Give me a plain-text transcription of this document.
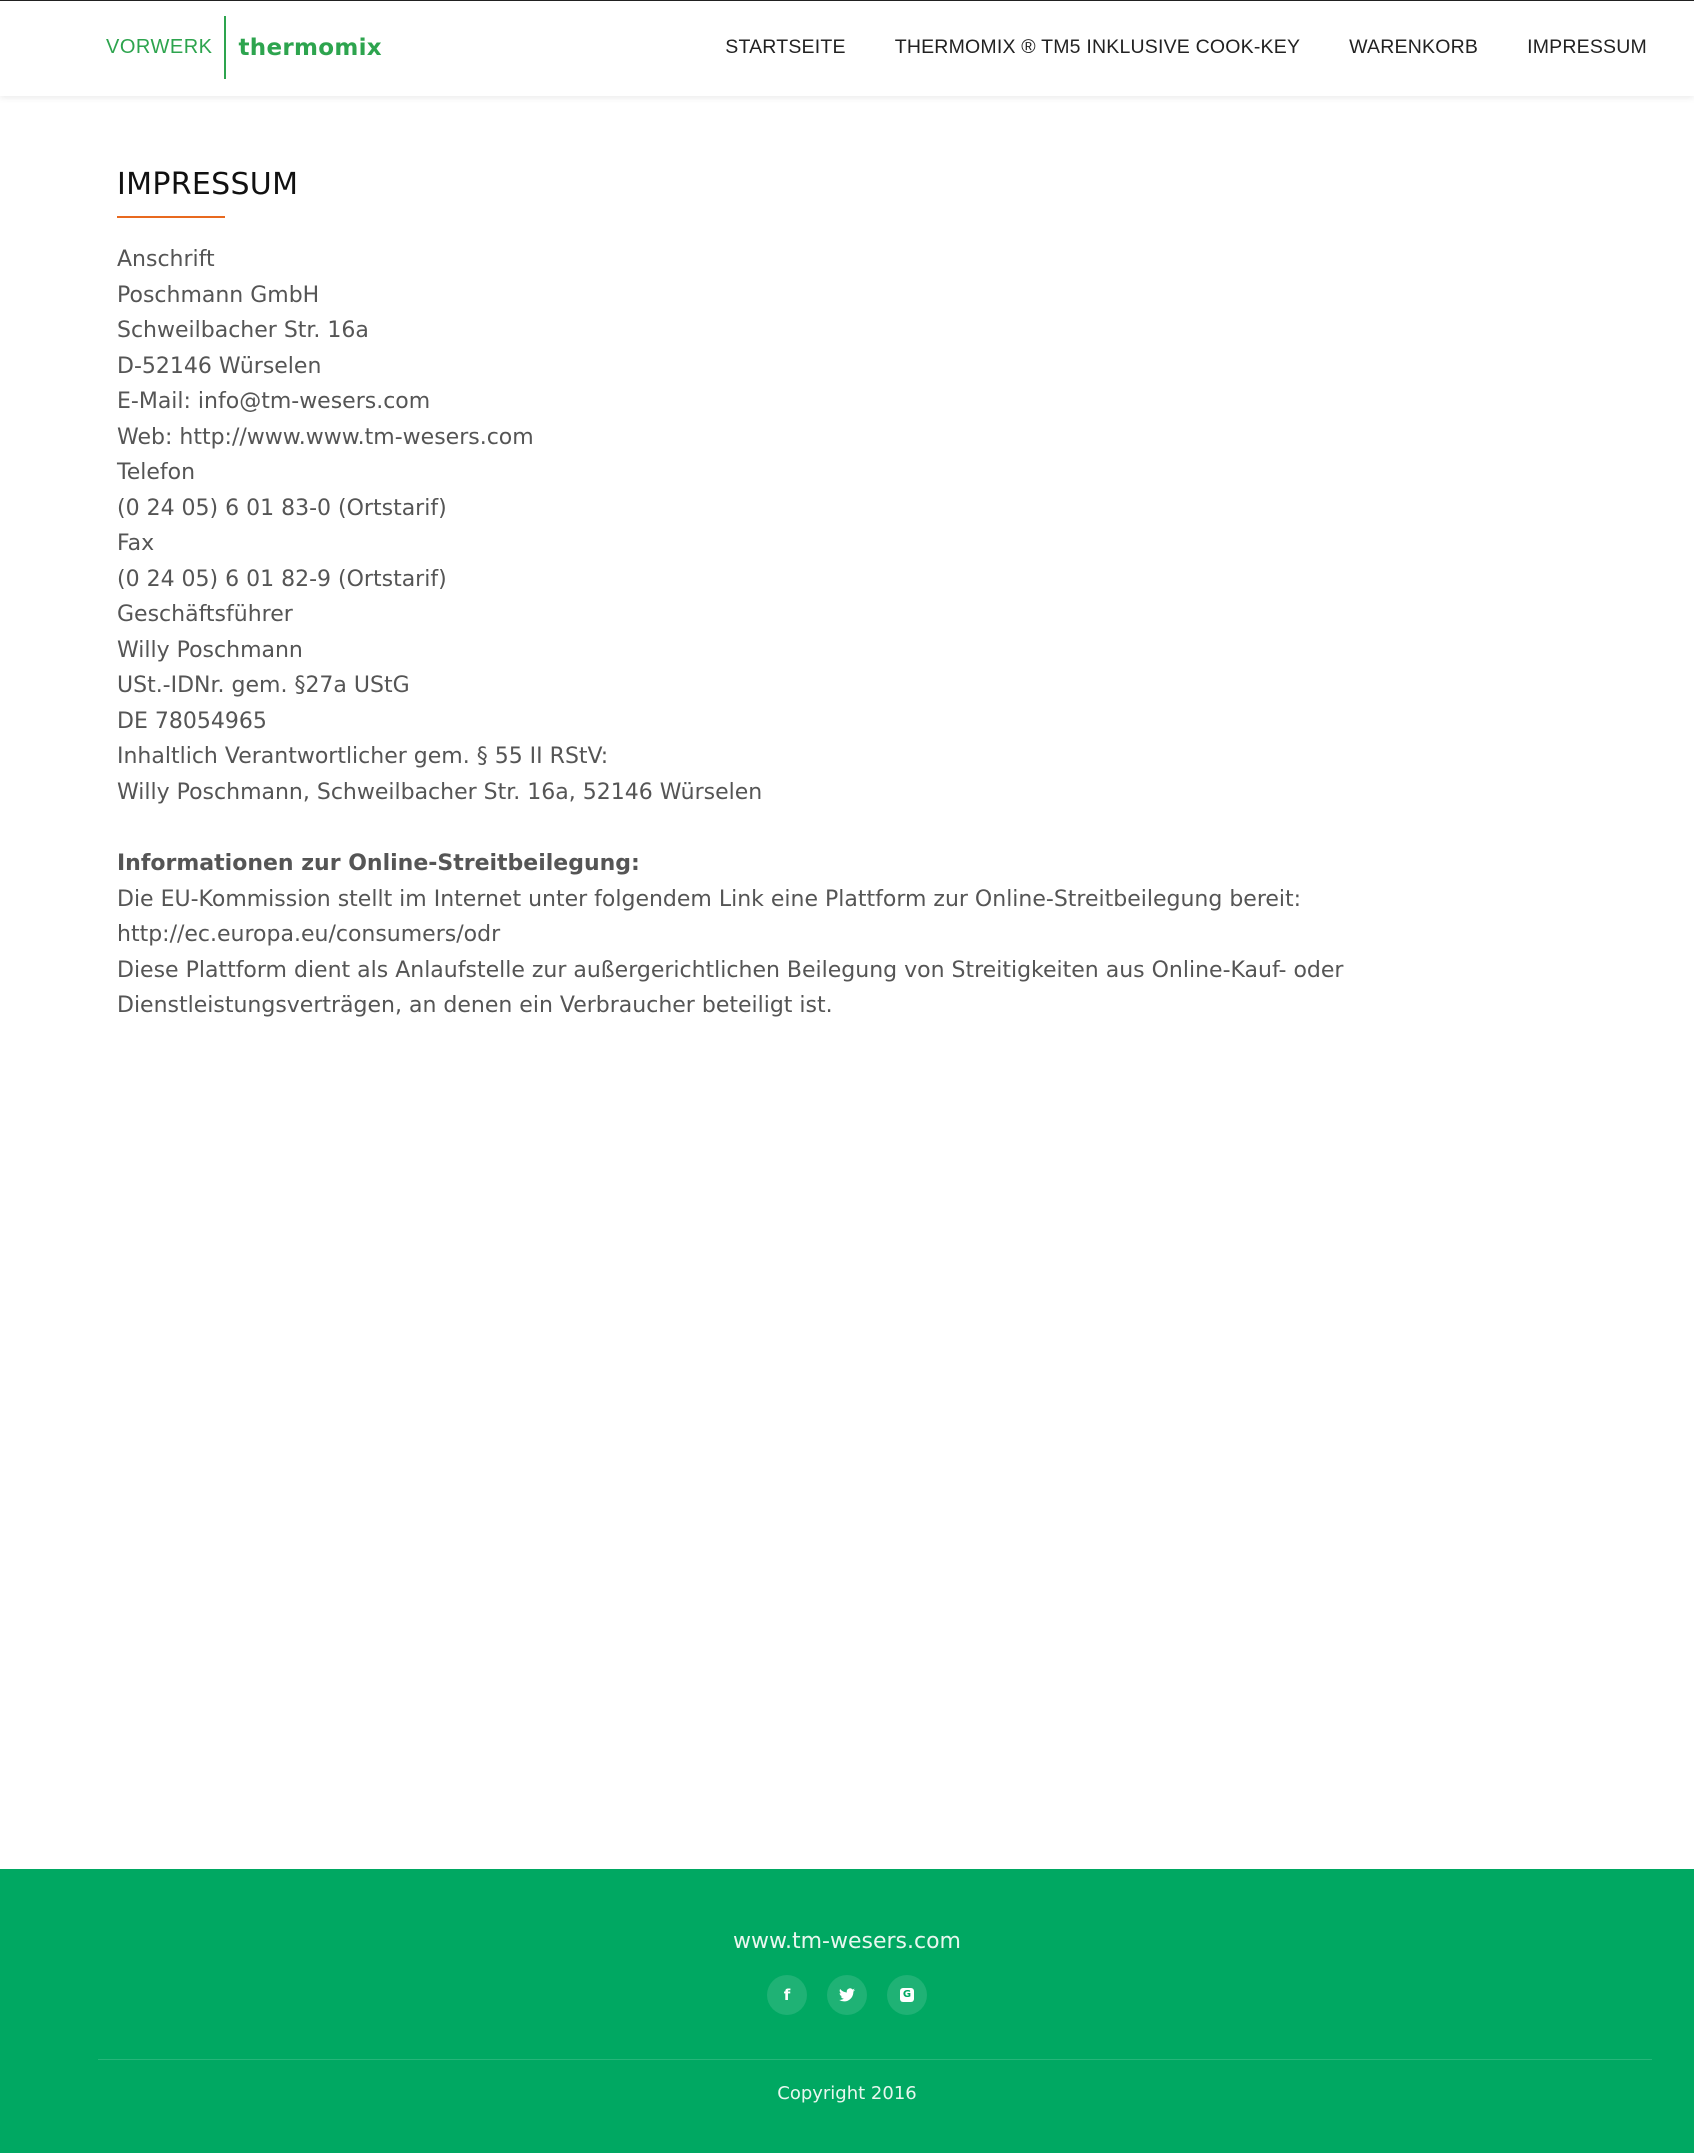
VORWERK thermomix	STARTSEITE	THERMOMIX ® TM5 INKLUSIVE COOK-KEY	WARENKORB	IMPRESSUM
IMPRESSUM
Anschrift
Poschmann GmbH
Schweilbacher Str. 16a
D-52146 Würselen
E-Mail: info@tm-wesers.com
Web: http://www.www.tm-wesers.com
Telefon
(0 24 05) 6 01 83-0 (Ortstarif)
Fax
(0 24 05) 6 01 82-9 (Ortstarif)
Geschäftsführer
Willy Poschmann
USt.-IDNr. gem. §27a UStG
DE 78054965
Inhaltlich Verantwortlicher gem. § 55 II RStV:
Willy Poschmann, Schweilbacher Str. 16a, 52146 Würselen
Informationen zur Online-Streitbeilegung:
Die EU-Kommission stellt im Internet unter folgendem Link eine Plattform zur Online-Streitbeilegung bereit:
http://ec.europa.eu/consumers/odr
Diese Plattform dient als Anlaufstelle zur außergerichtlichen Beilegung von Streitigkeiten aus Online-Kauf- oder Dienstleistungsverträgen, an denen ein Verbraucher beteiligt ist.
www.tm-wesers.com
f	G
Copyright 2016
